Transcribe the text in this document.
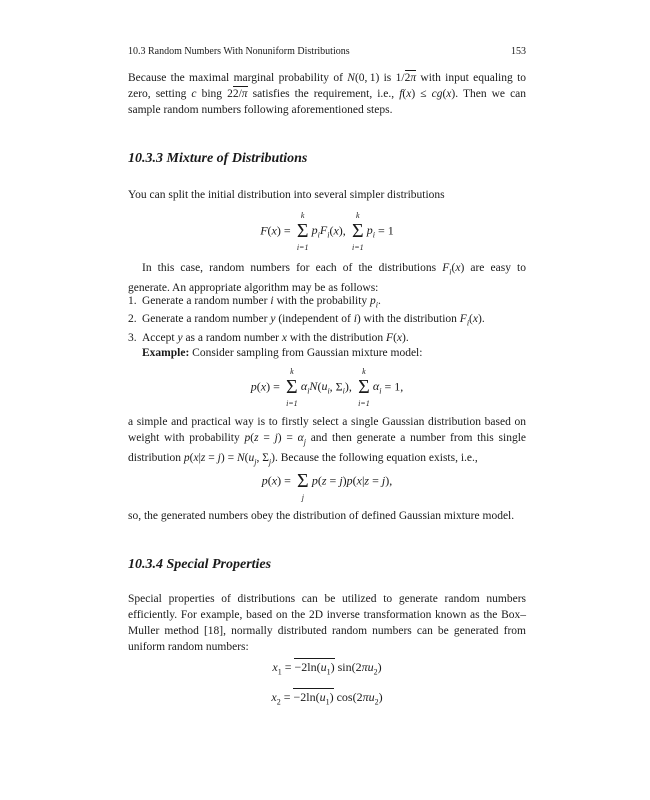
10.3 Random Numbers With Nonuniform Distributions	153
Because the maximal marginal probability of N(0, 1) is 1/2π with input equaling to zero, setting c bing 22/π satisfies the requirement, i.e., f(x) ≤ cg(x). Then we can sample random numbers following aforementioned steps.
10.3.3 Mixture of Distributions
You can split the initial distribution into several simpler distributions
F(x) =
k
Σ
i=1
$p_iF_i(x)$,
k
Σ
i=1
$p_i = 1$
In this case, random numbers for each of the distributions $F_i(x)$ are easy to generate. An appropriate algorithm may be as follows:
1. Generate a random number i with the probability $p_i$.
2. Generate a random number y (independent of i) with the distribution $F_i(x)$.
3. Accept y as a random number x with the distribution F(x).
Example: Consider sampling from Gaussian mixture model:
p(x) =
k
Σ
i=1
$\alpha_iN(u_i$, $\Sigma_i$),
k
Σ
i=1
$\alpha_i = 1$,
a simple and practical way is to firstly select a single Gaussian distribution based on weight with probability $p(z = j) = \alpha_j$ and then generate a number from this single distribution $p(x|z = j) = N(u_j$, $\Sigma_j$). Because the following equation exists, i.e.,
p(x) = Σ
j
p(z = j)p(x|z = j),
so, the generated numbers obey the distribution of defined Gaussian mixture model.
10.3.4 Special Properties
Special properties of distributions can be utilized to generate random numbers efficiently. For example, based on the 2D inverse transformation known as the Box–Muller method [18], normally distributed random numbers can be generated from uniform random numbers:
$x_1 = -2\ln(u_1)$ $\sin(2\pi u_2)$
$x_2 = -2\ln(u_1)$ $\cos(2\pi u_2)$
